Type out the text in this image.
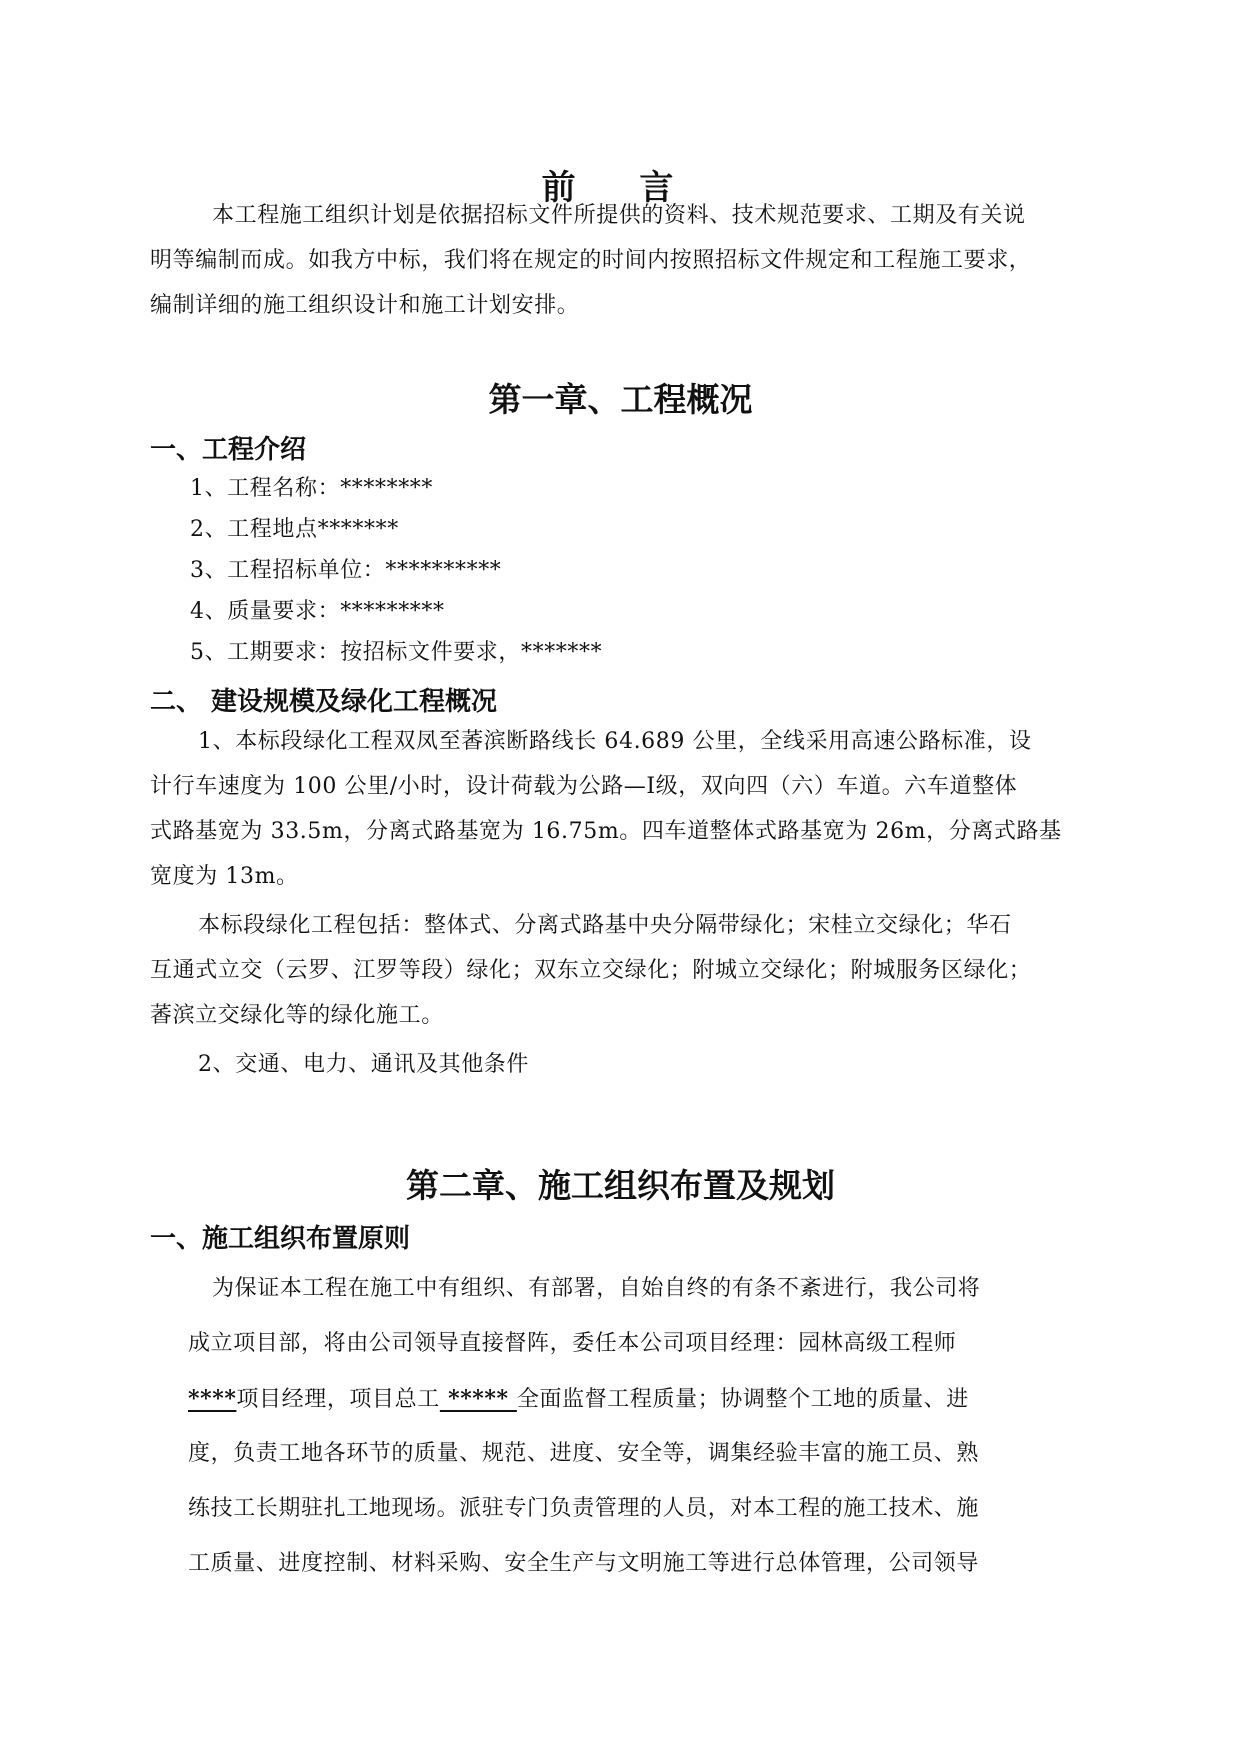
前 言
本工程施工组织计划是依据招标文件所提供的资料、技术规范要求、工期及有关说
明等编制而成。如我方中标，我们将在规定的时间内按照招标文件规定和工程施工要求，
编制详细的施工组织设计和施工计划安排。
第一章、工程概况
一、工程介绍
1、工程名称：********
2、工程地点*******
3、工程招标单位：**********
4、质量要求：*********
5、工期要求：按招标文件要求，*******
二、 建设规模及绿化工程概况
1、本标段绿化工程双凤至萫滨断路线长 64.689 公里，全线采用高速公路标准，设
计行车速度为 100 公里/小时，设计荷载为公路—Ⅰ级，双向四（六）车道。六车道整体
式路基宽为 33.5m，分离式路基宽为 16.75m。四车道整体式路基宽为 26m，分离式路基
宽度为 13m。
本标段绿化工程包括：整体式、分离式路基中央分隔带绿化；宋桂立交绿化；华石
互通式立交（云罗、江罗等段）绿化；双东立交绿化；附城立交绿化；附城服务区绿化；
萫滨立交绿化等的绿化施工。
2、交通、电力、通讯及其他条件
第二章、施工组织布置及规划
一、施工组织布置原则
为保证本工程在施工中有组织、有部署，自始自终的有条不紊进行，我公司将
成立项目部，将由公司领导直接督阵，委任本公司项目经理：园林高级工程师
****项目经理，项目总工 ***** 全面监督工程质量；协调整个工地的质量、进
度，负责工地各环节的质量、规范、进度、安全等，调集经验丰富的施工员、熟
练技工长期驻扎工地现场。派驻专门负责管理的人员，对本工程的施工技术、施
工质量、进度控制、材料采购、安全生产与文明施工等进行总体管理，公司领导
